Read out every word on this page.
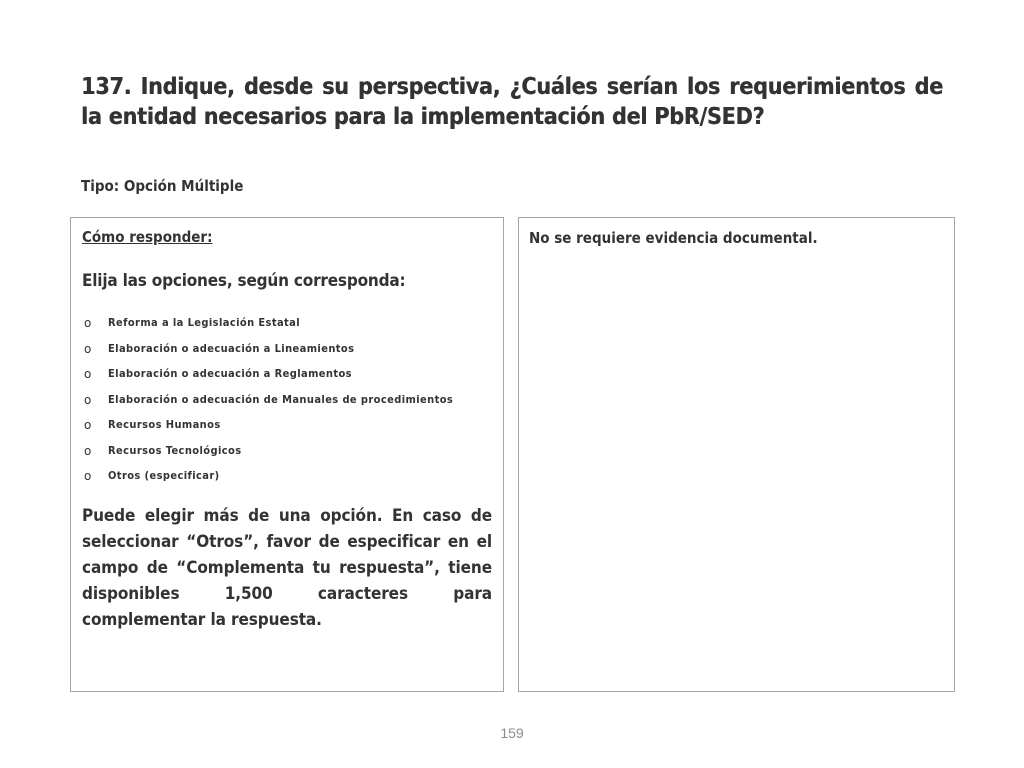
137. Indique, desde su perspectiva, ¿Cuáles serían los requerimientos de la entidad necesarios para la implementación del PbR/SED?
Tipo: Opción Múltiple

Cómo responder:

Elija las opciones, según corresponda:

o Reforma a la Legislación Estatal
o Elaboración o adecuación a Lineamientos
o Elaboración o adecuación a Reglamentos
o Elaboración o adecuación de Manuales de procedimientos
o Recursos Humanos
o Recursos Tecnológicos
o Otros (especificar)

Puede elegir más de una opción. En caso de seleccionar “Otros”, favor de especificar en el campo de “Complementa tu respuesta”, tiene disponibles 1,500 caracteres para complementar la respuesta.

No se requiere evidencia documental.

159
